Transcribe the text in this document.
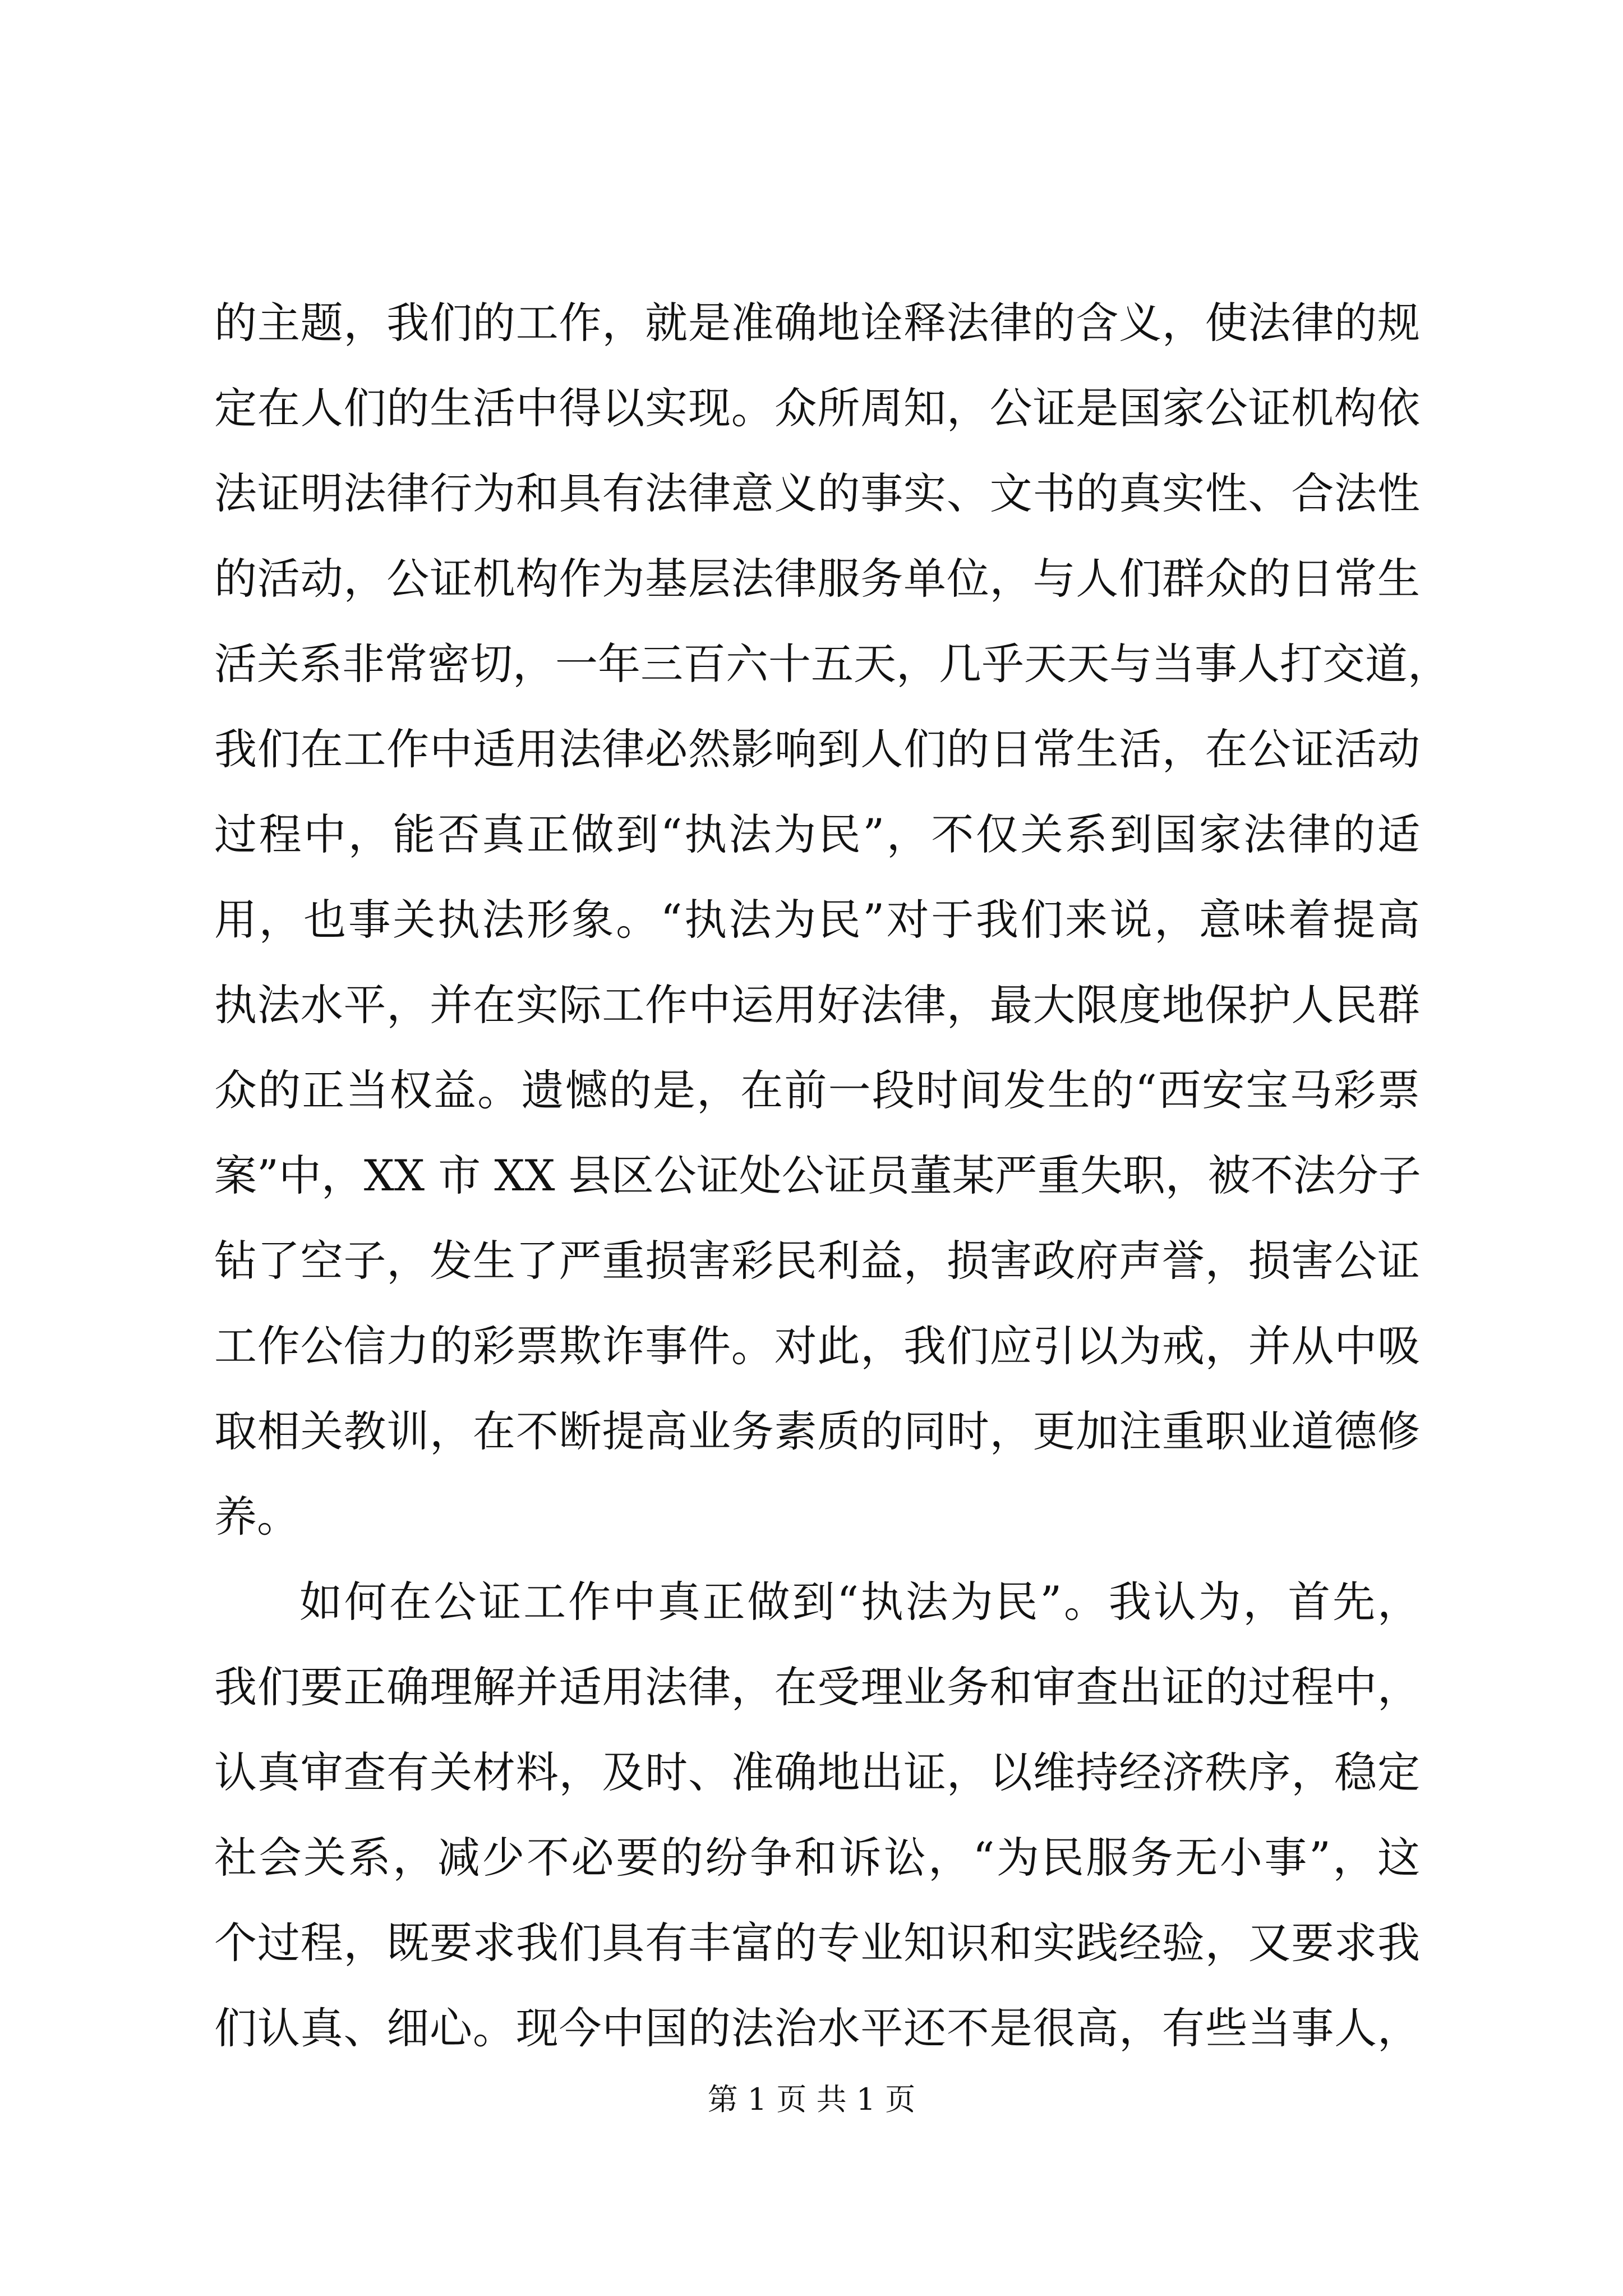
的主题，我们的工作，就是准确地诠释法律的含义，使法律的规
定在人们的生活中得以实现。众所周知，公证是国家公证机构依
法证明法律行为和具有法律意义的事实、文书的真实性、合法性
的活动，公证机构作为基层法律服务单位，与人们群众的日常生
活关系非常密切，一年三百六十五天，几乎天天与当事人打交道，
我们在工作中适用法律必然影响到人们的日常生活，在公证活动
过程中，能否真正做到“执法为民”，不仅关系到国家法律的适
用，也事关执法形象。“执法为民”对于我们来说，意味着提高
执法水平，并在实际工作中运用好法律，最大限度地保护人民群
众的正当权益。遗憾的是，在前一段时间发生的“西安宝马彩票
案”中，XX 市 XX 县区公证处公证员董某严重失职，被不法分子
钻了空子，发生了严重损害彩民利益，损害政府声誉，损害公证
工作公信力的彩票欺诈事件。对此，我们应引以为戒，并从中吸
取相关教训，在不断提高业务素质的同时，更加注重职业道德修
养。
如何在公证工作中真正做到“执法为民”。我认为，首先，
我们要正确理解并适用法律，在受理业务和审查出证的过程中，
认真审查有关材料，及时、准确地出证，以维持经济秩序，稳定
社会关系，减少不必要的纷争和诉讼，“为民服务无小事”，这
个过程，既要求我们具有丰富的专业知识和实践经验，又要求我
们认真、细心。现今中国的法治水平还不是很高，有些当事人，
第 1 页 共 1 页
